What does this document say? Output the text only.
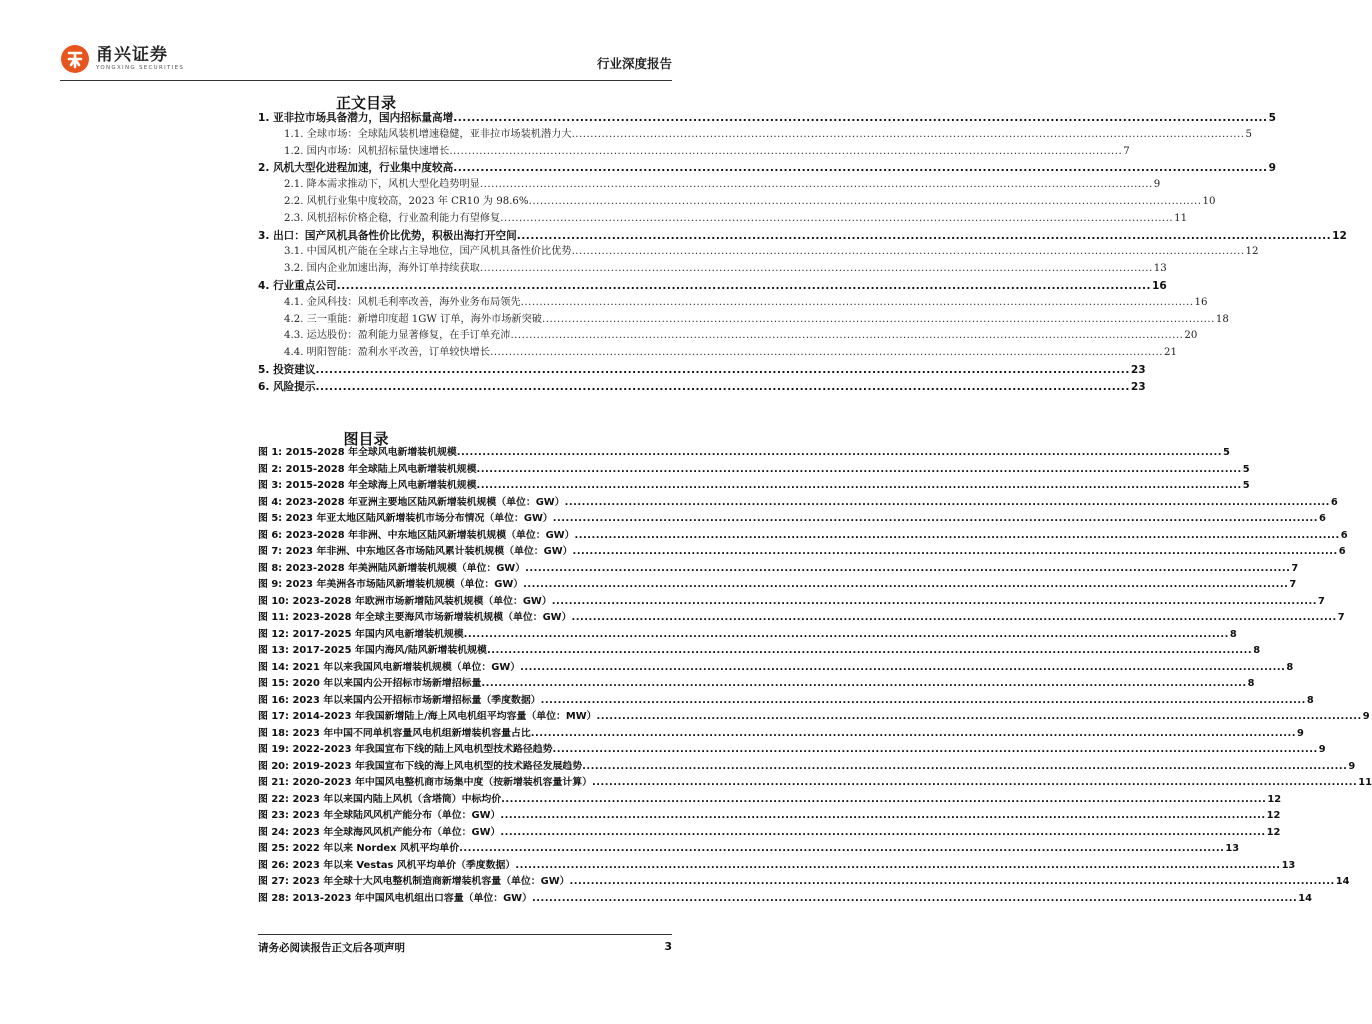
甬兴证券
YONGXING SECURITIES	行业深度报告
正文目录
1. 亚非拉市场具备潜力，国内招标量高增 .....	5
1.1. 全球市场：全球陆风装机增速稳健，亚非拉市场装机潜力大 .....	5
1.2. 国内市场：风机招标量快速增长 .....	7
2. 风机大型化进程加速，行业集中度较高 .....	9
2.1. 降本需求推动下，风机大型化趋势明显 .....	9
2.2. 风机行业集中度较高，2023 年 CR10 为 98.6% .....	10
2.3. 风机招标价格企稳，行业盈利能力有望修复 .....	11
3. 出口：国产风机具备性价比优势，积极出海打开空间 .....	12
3.1. 中国风机产能在全球占主导地位，国产风机具备性价比优势 .....	12
3.2. 国内企业加速出海，海外订单持续获取 .....	13
4. 行业重点公司 .....	16
4.1. 金风科技：风机毛利率改善，海外业务布局领先 .....	16
4.2. 三一重能：新增印度超 1GW 订单，海外市场新突破 .....	18
4.3. 运达股份：盈利能力显著修复，在手订单充沛 .....	20
4.4. 明阳智能：盈利水平改善，订单较快增长 .....	21
5. 投资建议 .....	23
6. 风险提示 .....	23
图目录
图 1: 2015-2028 年全球风电新增装机规模 .....	5
图 2: 2015-2028 年全球陆上风电新增装机规模 .....	5
图 3: 2015-2028 年全球海上风电新增装机规模 .....	5
图 4: 2023-2028 年亚洲主要地区陆风新增装机规模（单位：GW） .....	6
图 5: 2023 年亚太地区陆风新增装机市场分布情况（单位：GW） .....	6
图 6: 2023-2028 年非洲、中东地区陆风新增装机规模（单位：GW） .....	6
图 7: 2023 年非洲、中东地区各市场陆风累计装机规模（单位：GW） .....	6
图 8: 2023-2028 年美洲陆风新增装机规模（单位：GW） .....	7
图 9: 2023 年美洲各市场陆风新增装机规模（单位：GW） .....	7
图 10: 2023-2028 年欧洲市场新增陆风装机规模（单位：GW） .....	7
图 11: 2023-2028 年全球主要海风市场新增装机规模（单位：GW） .....	7
图 12: 2017-2025 年国内风电新增装机规模 .....	8
图 13: 2017-2025 年国内海风/陆风新增装机规模 .....	8
图 14: 2021 年以来我国风电新增装机规模（单位：GW） .....	8
图 15: 2020 年以来国内公开招标市场新增招标量 .....	8
图 16: 2023 年以来国内公开招标市场新增招标量（季度数据） .....	8
图 17: 2014-2023 年我国新增陆上/海上风电机组平均容量（单位：MW） .....	9
图 18: 2023 年中国不同单机容量风电机组新增装机容量占比 .....	9
图 19: 2022-2023 年我国宣布下线的陆上风电机型技术路径趋势 .....	9
图 20: 2019-2023 年我国宣布下线的海上风电机型的技术路径发展趋势 .....	9
图 21: 2020-2023 年中国风电整机商市场集中度（按新增装机容量计算） .....	11
图 22: 2023 年以来国内陆上风机（含塔筒）中标均价 .....	12
图 23: 2023 年全球陆风风机产能分布（单位：GW） .....	12
图 24: 2023 年全球海风风机产能分布（单位：GW） .....	12
图 25: 2022 年以来 Nordex 风机平均单价 .....	13
图 26: 2023 年以来 Vestas 风机平均单价（季度数据） .....	13
图 27: 2023 年全球十大风电整机制造商新增装机容量（单位：GW） .....	14
图 28: 2013-2023 年中国风电机组出口容量（单位：GW） .....	14
请务必阅读报告正文后各项声明	3
